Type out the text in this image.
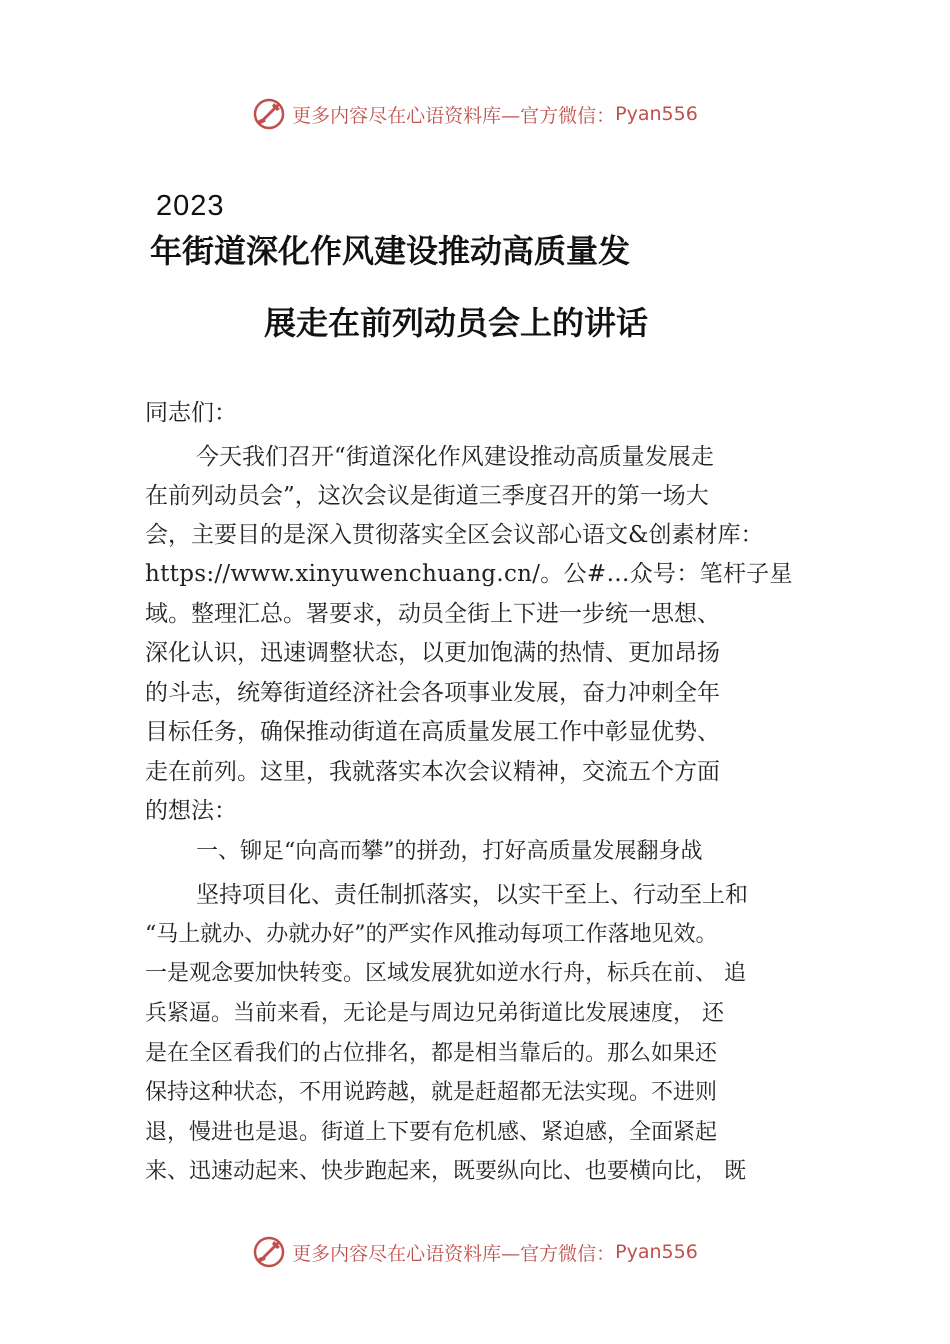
更多内容尽在心语资料库—官方微信： Pyan556
2023
年街道深化作风建设推动高质量发
展走在前列动员会上的讲话
同志们：
今天我们召开“街道深化作风建设推动高质量发展走
在前列动员会”，这次会议是街道三季度召开的第一场大
会，主要目的是深入贯彻落实全区会议部心语文&创素材库：
https://www.xinyuwenchuang.cn/。公#…众号：笔杆子星
域。整理汇总。署要求，动员全街上下进一步统一思想、
深化认识，迅速调整状态，以更加饱满的热情、更加昂扬
的斗志，统筹街道经济社会各项事业发展，奋力冲刺全年
目标任务，确保推动街道在高质量发展工作中彰显优势、
走在前列。这里，我就落实本次会议精神，交流五个方面
的想法：
一、铆足“向高而攀”的拼劲，打好高质量发展翻身战
坚持项目化、责任制抓落实，以实干至上、行动至上和
“马上就办、办就办好”的严实作风推动每项工作落地见效。
一是观念要加快转变。区域发展犹如逆水行舟，标兵在前、 追
兵紧逼。当前来看，无论是与周边兄弟街道比发展速度， 还
是在全区看我们的占位排名，都是相当靠后的。那么如果还
保持这种状态，不用说跨越，就是赶超都无法实现。不进则
退，慢进也是退。街道上下要有危机感、紧迫感，全面紧起
来、迅速动起来、快步跑起来，既要纵向比、也要横向比， 既
更多内容尽在心语资料库—官方微信： Pyan556
